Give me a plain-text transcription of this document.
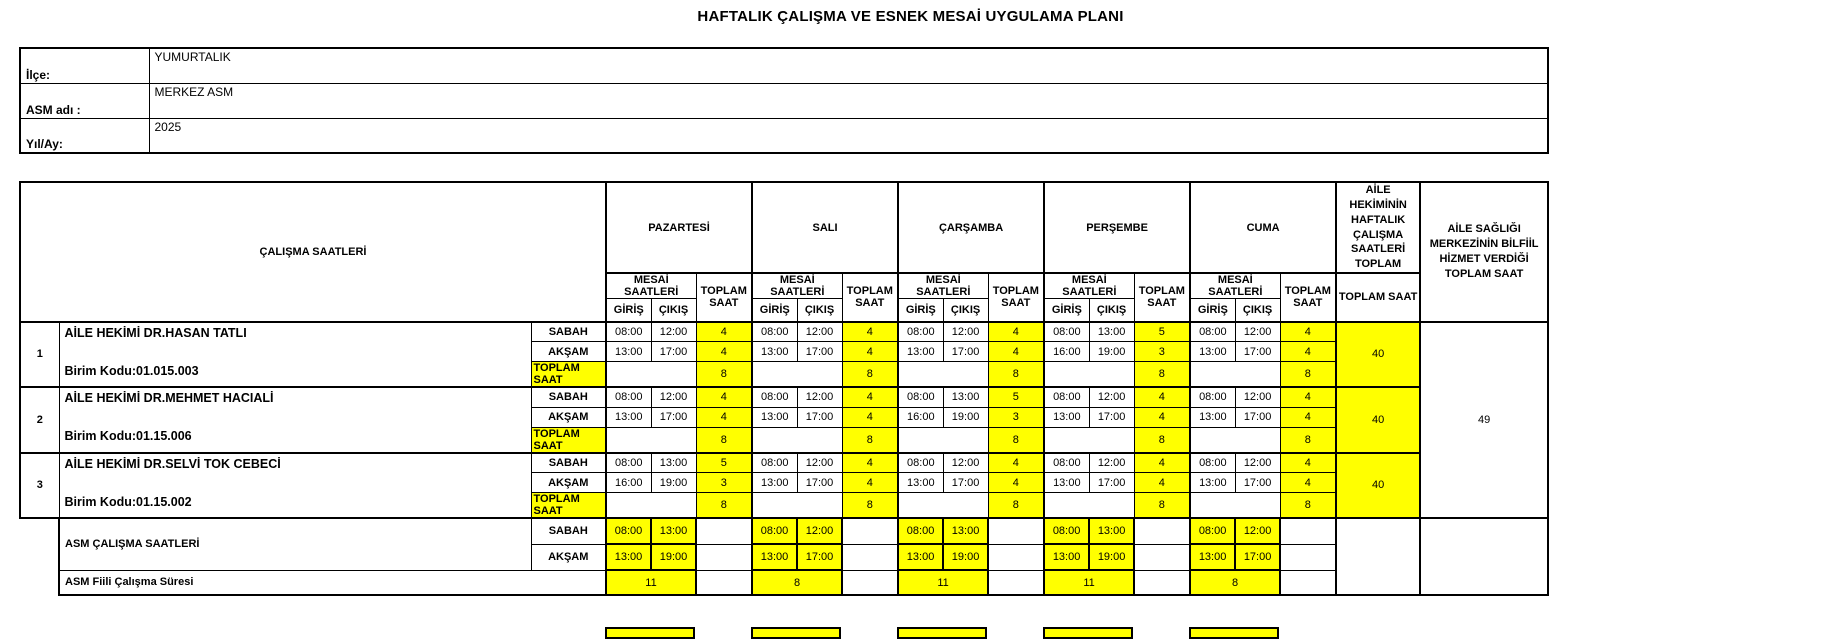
HAFTALIK ÇALIŞMA VE ESNEK MESAİ UYGULAMA PLANI
İlçe:	YUMURTALIK
ASM adı :	MERKEZ ASM
Yıl/Ay:	2025
ÇALIŞMA SAATLERİ			PAZARTESİ			SALI			ÇARŞAMBA			PERŞEMBE			CUMA			AİLE HEKİMİNİN HAFTALIK ÇALIŞMA SAATLERİ TOPLAM	AİLE SAĞLIĞI MERKEZİNİN BİLFİİL HİZMET VERDİĞİ TOPLAM SAAT
			MESAİ SAATLERİ		TOPLAM SAAT	MESAİ SAATLERİ		TOPLAM SAAT	MESAİ SAATLERİ		TOPLAM SAAT	MESAİ SAATLERİ		TOPLAM SAAT	MESAİ SAATLERİ		TOPLAM SAAT	TOPLAM SAAT	
			GİRİŞ	ÇIKIŞ		GİRİŞ	ÇIKIŞ		GİRİŞ	ÇIKIŞ		GİRİŞ	ÇIKIŞ		GİRİŞ	ÇIKIŞ			
1	AİLE HEKİMİ DR.HASAN TATLI
Birim Kodu:01.015.003	SABAH	08:00	12:00	4	08:00	12:00	4	08:00	12:00	4	08:00	13:00	5	08:00	12:00	4	40	49
		AKŞAM	13:00	17:00	4	13:00	17:00	4	13:00	17:00	4	16:00	19:00	3	13:00	17:00	4		
		TOPLAM SAAT			8			8			8			8			8		
2	AİLE HEKİMİ DR.MEHMET HACIALİ
Birim Kodu:01.15.006	SABAH	08:00	12:00	4	08:00	12:00	4	08:00	13:00	5	08:00	12:00	4	08:00	12:00	4	40	
		AKŞAM	13:00	17:00	4	13:00	17:00	4	16:00	19:00	3	13:00	17:00	4	13:00	17:00	4		
		TOPLAM SAAT			8			8			8			8			8		
3	AİLE HEKİMİ DR.SELVİ TOK CEBECİ
Birim Kodu:01.15.002	SABAH	08:00	13:00	5	08:00	12:00	4	08:00	12:00	4	08:00	12:00	4	08:00	12:00	4	40	
		AKŞAM	16:00	19:00	3	13:00	17:00	4	13:00	17:00	4	13:00	17:00	4	13:00	17:00	4		
		TOPLAM SAAT			8			8			8			8			8		
	ASM ÇALIŞMA SAATLERİ	SABAH	08:00	13:00		08:00	12:00		08:00	13:00		08:00	13:00		08:00	12:00			
		AKŞAM	13:00	19:00		13:00	17:00		13:00	19:00		13:00	19:00		13:00	17:00			
	ASM Fiili Çalışma Süresi		11			8			11			11			8				
